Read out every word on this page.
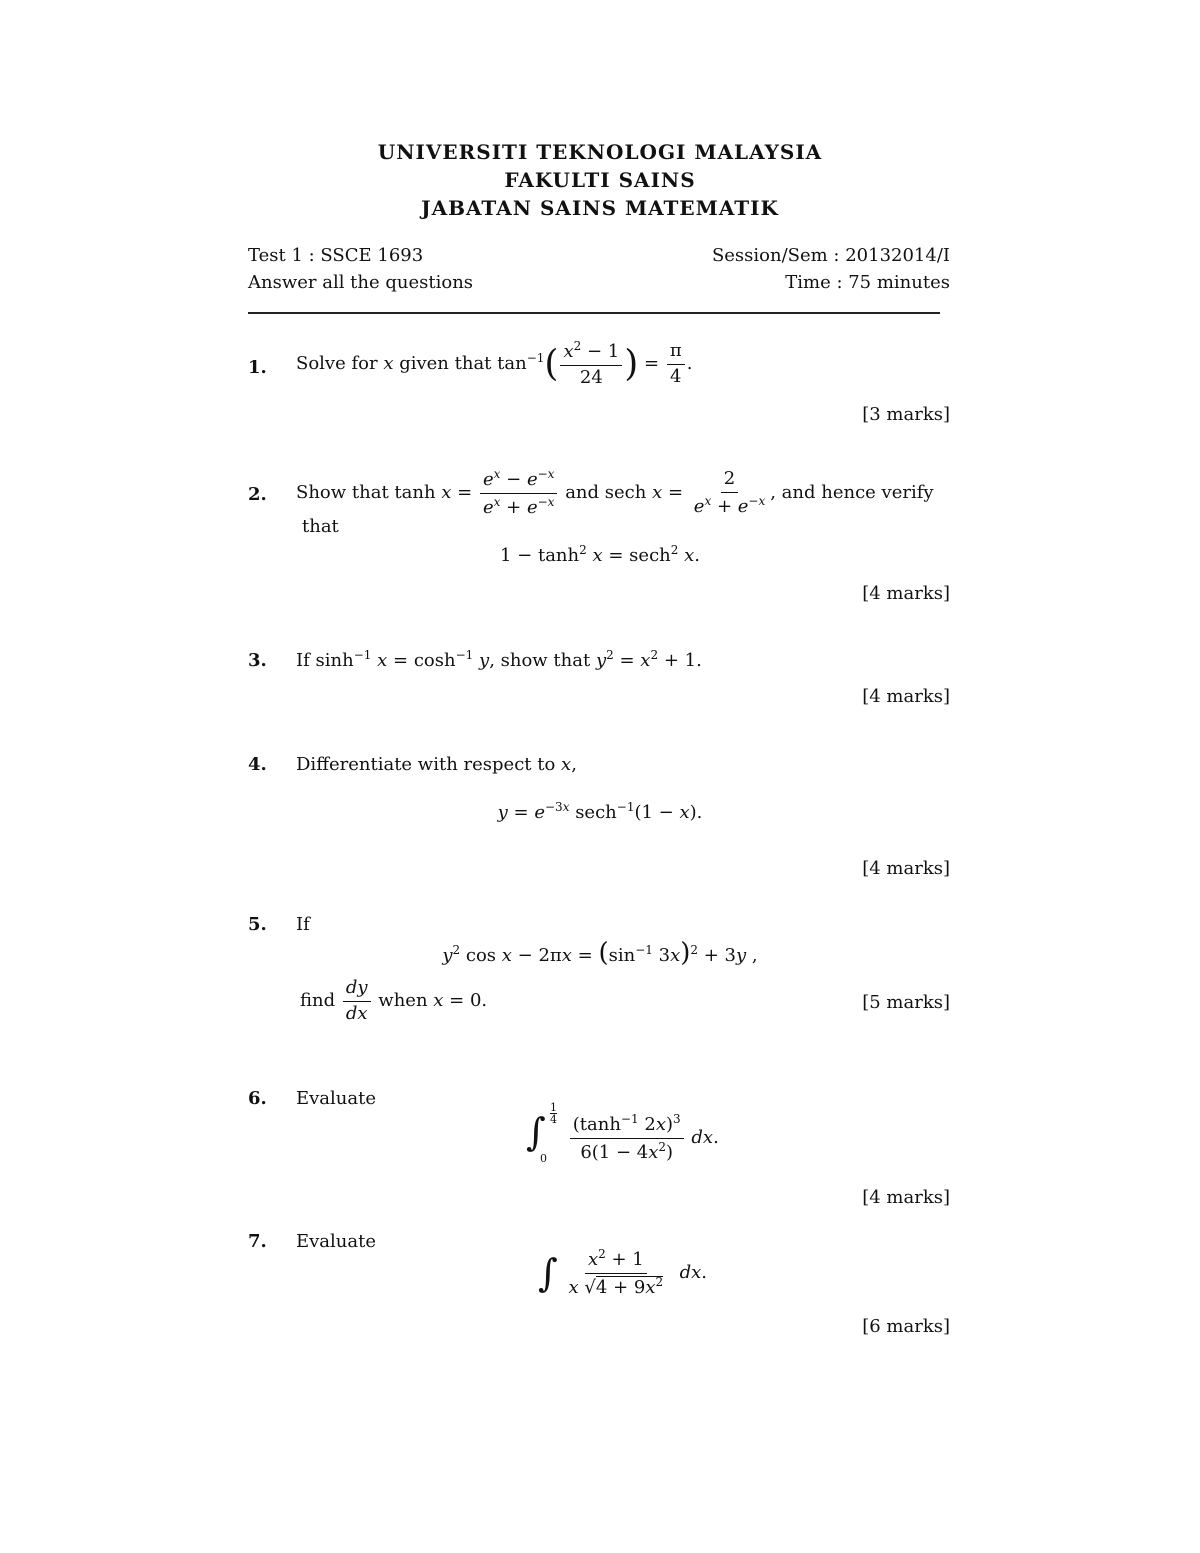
UNIVERSITI TEKNOLOGI MALAYSIA
FAKULTI SAINS
JABATAN SAINS MATEMATIK
Test 1 : SSCE 1693	Session/Sem : 20132014/I
Answer all the questions	Time : 75 minutes
1. Solve for x given that $\tan^{-1}( \frac{x^2 - 1}{24}$ ) = $\frac{\pi}{4}$ .
[3 marks]
2. Show that $\tanh x = \frac{e^x - e^{-x}}{e^x + e^{-x}}$ and sech $x = \frac{2}{e^x + e^{-x}}$ , and hence verify
that
$1 - \tanh^2 x = \sec h^2$ x.
[4 marks]
3. If $\sinh^{-1} x = \cosh^{-1} y$, show that $y^2 = x^2 + 1$.
[4 marks]
4. Differentiate with respect to x,
$y = e^{-3x}$ sech$^{-1}$(1 − x).
[4 marks]
5. If
$y^2$ $\cos x - 2\pi x = (\sin^{-1}$ 3x)$^2$ + 3y ,
find $\frac{dy}{dx}$ when x = 0.	[5 marks]
6. Evaluate
∫ $\frac{1}{4}$
0
$\frac{(\tanh^{-1} 2x)^3}{6(1 - 4x^2)}$ dx.
[4 marks]
7. Evaluate
∫ $\frac{x^2 + 1}{x √4 + 9x^2}$ dx.
[6 marks]
